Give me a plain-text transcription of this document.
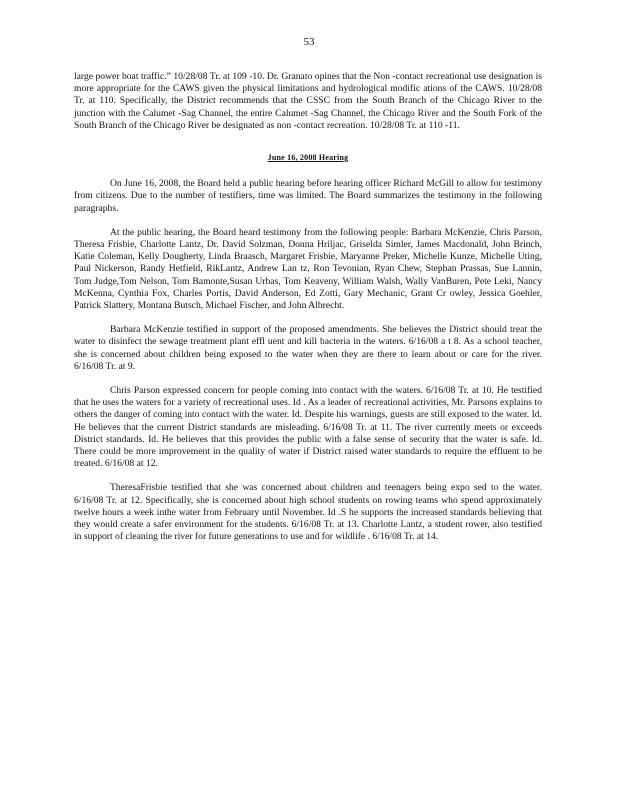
53

large power boat traffic.” 10/28/08 Tr. at 109 -10. Dr. Granato opines that the Non -contact recreational use designation is more appropriate for the CAWS given the physical limitations and hydrological modific ations of the CAWS. 10/28/08 Tr. at 110. Specifically, the District recommends that the CSSC from the South Branch of the Chicago River to the junction with the Calumet -Sag Channel, the entire Calumet -Sag Channel, the Chicago River and the South Fork of the South Branch of the Chicago River be designated as non -contact recreation. 10/28/08 Tr. at 110 -11.

June 16, 2008 Hearing

On June 16, 2008, the Board held a public hearing before hearing officer Richard McGill to allow for testimony from citizens. Due to the number of testifiers, time was limited. The Board summarizes the testimony in the following paragraphs.

At the public hearing, the Board heard testimony from the following people: Barbara McKenzie, Chris Parson, Theresa Frisbie, Charlotte Lantz, Dr. David Solzman, Donna Hriljac, Griselda Simler, James Macdonald, John Brinch, Katie Coleman, Kelly Dougherty, Linda Braasch, Margaret Frisbie, Maryanne Preker, Michelle Kunze, Michelle Uting, Paul Nickerson, Randy Hetfield, RikLantz, Andrew Lan tz, Ron Tevonian, Ryan Chew, Stephan Prassas, Sue Lannin, Tom Judge,Tom Nelson, Tom Bamonte,Susan Urbas, Tom Keaveny, William Walsh, Wally VanBuren, Pete Leki, Nancy McKenna, Cynthia Fox, Charles Portis, David Anderson, Ed Zotti, Gary Mechanic, Grant Cr owley, Jessica Goehler, Patrick Slattery, Montana Butsch, Michael Fischer, and John Albrecht.

Barbara McKenzie testified in support of the proposed amendments. She believes the District should treat the water to disinfect the sewage treatment plant effl uent and kill bacteria in the waters. 6/16/08 a t 8. As a school teacher, she is concerned about children being exposed to the water when they are there to learn about or care for the river. 6/16/08 Tr. at 9.

Chris Parson expressed concern for people coming into contact with the waters. 6/16/08 Tr. at 10. He testified that he uses the waters for a variety of recreational uses. Id . As a leader of recreational activities, Mr. Parsons explains to others the danger of coming into contact with the water. Id. Despite his warnings, guests are still exposed to the water. Id. He believes that the current District standards are misleading. 6/16/08 Tr. at 11. The river currently meets or exceeds District standards. Id. He believes that this provides the public with a false sense of security that the water is safe. Id. There could be more improvement in the quality of water if District raised water standards to require the effluent to be treated. 6/16/08 at 12.

TheresaFrisbie testified that she was concerned about children and teenagers being expo sed to the water. 6/16/08 Tr. at 12. Specifically, she is concerned about high school students on rowing teams who spend approximately twelve hours a week inthe water from February until November. Id .S he supports the increased standards believing that they would create a safer environment for the students. 6/16/08 Tr. at 13. Charlotte Lantz, a student rower, also testified in support of cleaning the river for future generations to use and for wildlife . 6/16/08 Tr. at 14.
